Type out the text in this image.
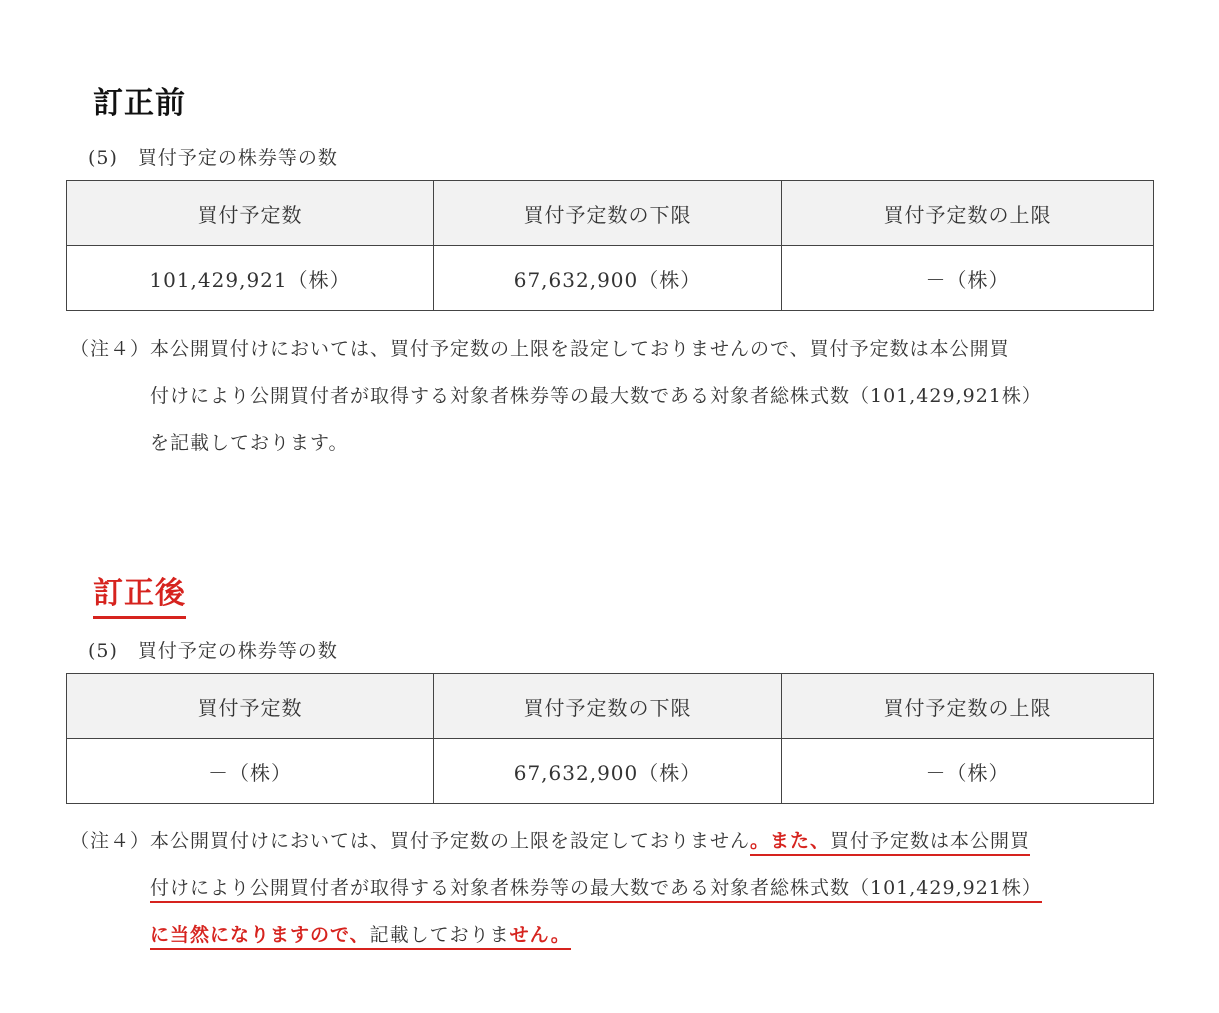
訂正前
(5)　買付予定の株券等の数
買付予定数	買付予定数の下限	買付予定数の上限
101,429,921（株）	67,632,900（株）	－（株）
（注４） 本公開買付けにおいては、買付予定数の上限を設定しておりませんので、買付予定数は本公開買
付けにより公開買付者が取得する対象者株券等の最大数である対象者総株式数（101,429,921株）
を記載しております。
訂正後
(5)　買付予定の株券等の数
買付予定数	買付予定数の下限	買付予定数の上限
－（株）	67,632,900（株）	－（株）
（注４） 本公開買付けにおいては、買付予定数の上限を設定しておりません。また、買付予定数は本公開買
付けにより公開買付者が取得する対象者株券等の最大数である対象者総株式数（101,429,921株）
に当然になりますので、記載しておりません。
